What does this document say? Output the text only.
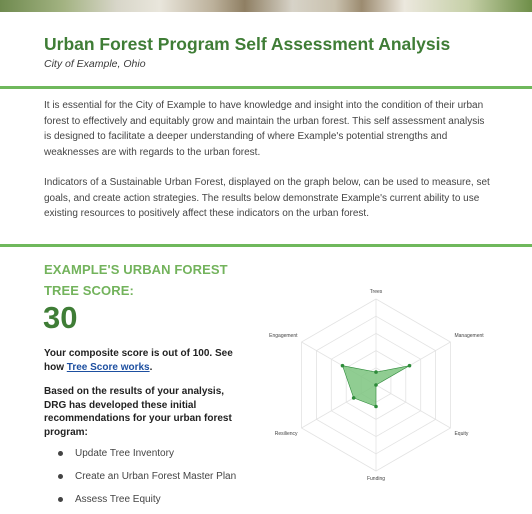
Urban Forest Program Self Assessment Analysis
City of Example, Ohio

It is essential for the City of Example to have knowledge and insight into the condition of their urban forest to effectively and equitably grow and maintain the urban forest. This self assessment analysis is designed to facilitate a deeper understanding of where Example's potential strengths and weaknesses are with regards to the urban forest.

Indicators of a Sustainable Urban Forest, displayed on the graph below, can be used to measure, set goals, and create action strategies. The results below demonstrate Example's current ability to use existing resources to positively affect these indicators on the urban forest.

EXAMPLE'S URBAN FOREST TREE SCORE:
30

Your composite score is out of 100. See how Tree Score works.

Based on the results of your analysis, DRG has developed these initial recommendations for your urban forest program:

Update Tree Inventory
Create an Urban Forest Master Plan
Assess Tree Equity
Trees
Management
Equity
Funding
Resiliency
Engagement
